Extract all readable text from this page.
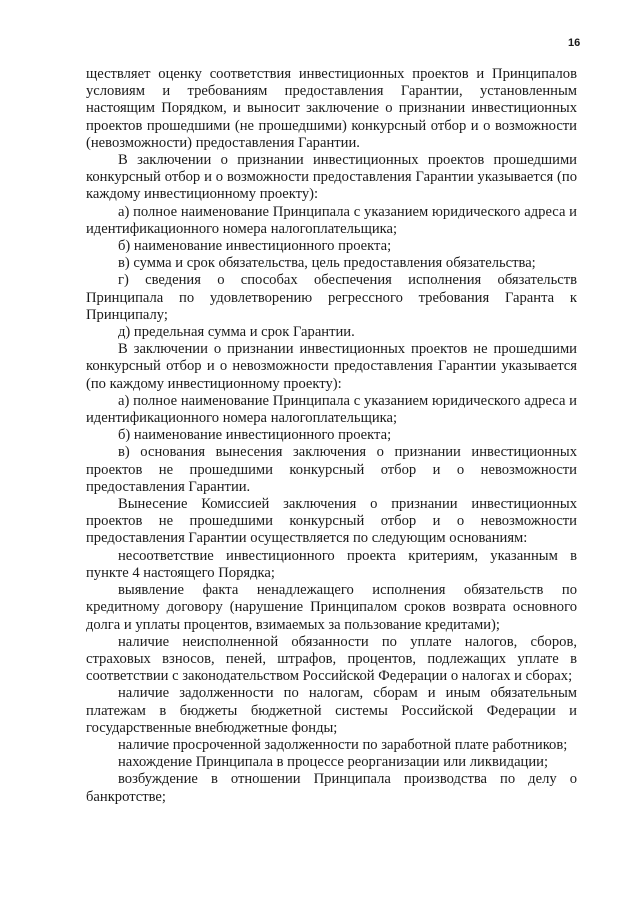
16

ществляет оценку соответствия инвестиционных проектов и Принципалов условиям и требованиям предоставления Гарантии, установленным настоящим Порядком, и выносит заключение о признании инвестиционных проектов прошедшими (не прошедшими) конкурсный отбор и о возможности (невозможности) предоставления Гарантии.

В заключении о признании инвестиционных проектов прошедшими конкурсный отбор и о возможности предоставления Гарантии указывается (по каждому инвестиционному проекту):

а) полное наименование Принципала с указанием юридического адреса и идентификационного номера налогоплательщика;

б) наименование инвестиционного проекта;

в) сумма и срок обязательства, цель предоставления обязательства;

г) сведения о способах обеспечения исполнения обязательств Принципала по удовлетворению регрессного требования Гаранта к Принципалу;

д) предельная сумма и срок Гарантии.

В заключении о признании инвестиционных проектов не прошедшими конкурсный отбор и о невозможности предоставления Гарантии указывается (по каждому инвестиционному проекту):

а) полное наименование Принципала с указанием юридического адреса и идентификационного номера налогоплательщика;

б) наименование инвестиционного проекта;

в) основания вынесения заключения о признании инвестиционных проектов не прошедшими конкурсный отбор и о невозможности предоставления Гарантии.

Вынесение Комиссией заключения о признании инвестиционных проектов не прошедшими конкурсный отбор и о невозможности предоставления Гарантии осуществляется по следующим основаниям:

несоответствие инвестиционного проекта критериям, указанным в пункте 4 настоящего Порядка;

выявление факта ненадлежащего исполнения обязательств по кредитному договору (нарушение Принципалом сроков возврата основного долга и уплаты процентов, взимаемых за пользование кредитами);

наличие неисполненной обязанности по уплате налогов, сборов, страховых взносов, пеней, штрафов, процентов, подлежащих уплате в соответствии с законодательством Российской Федерации о налогах и сборах;

наличие задолженности по налогам, сборам и иным обязательным платежам в бюджеты бюджетной системы Российской Федерации и государственные внебюджетные фонды;

наличие просроченной задолженности по заработной плате работников;

нахождение Принципала в процессе реорганизации или ликвидации;

возбуждение в отношении Принципала производства по делу о банкротстве;
